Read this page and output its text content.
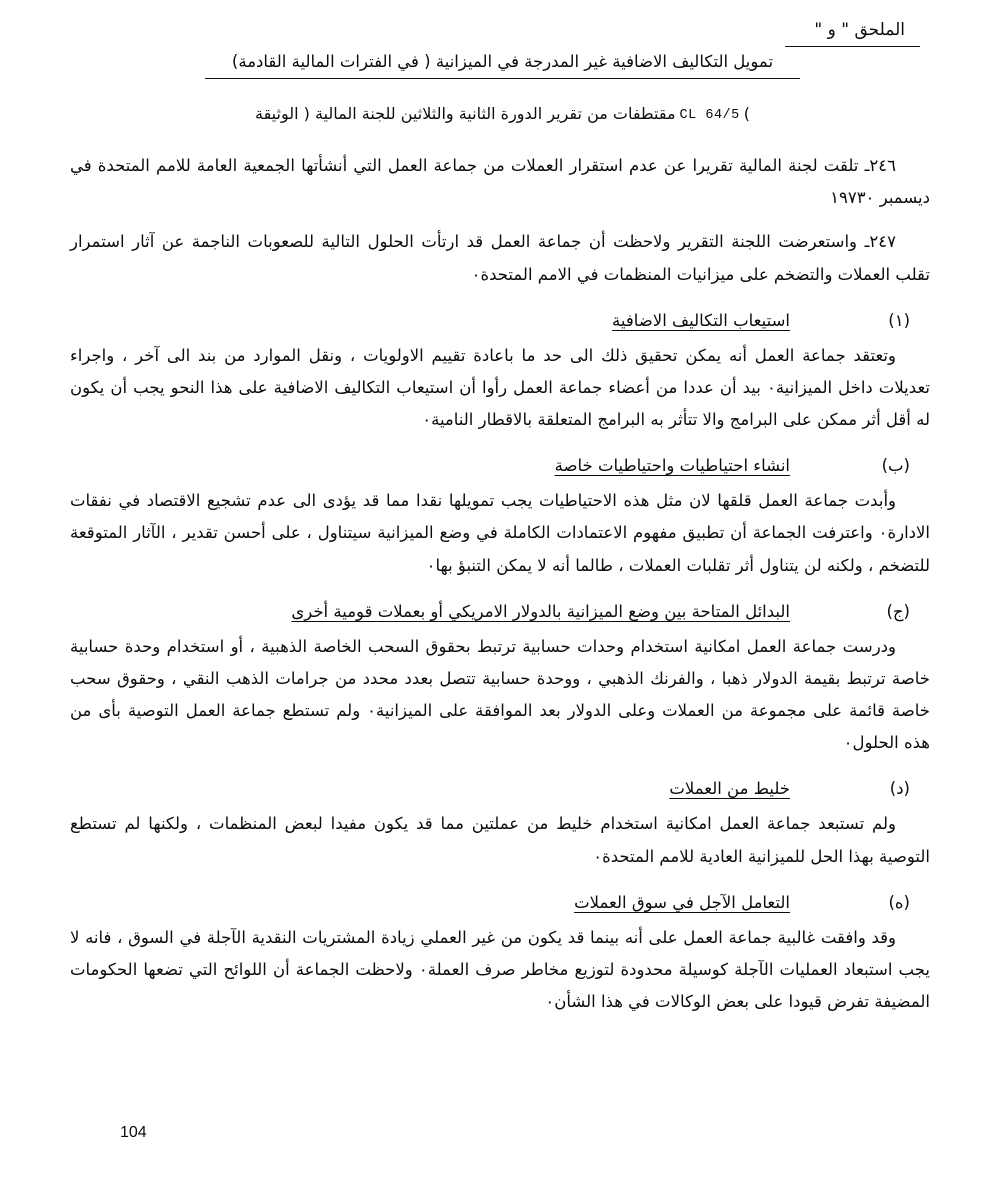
الملحق " و "
تمويل التكاليف الاضافية غير المدرجة في الميزانية ( في الفترات المالية القادمة)
)CL 64/5مقتطفات من تقرير الدورة الثانية والثلاثين للجنة المالية ( الوثيقة

٢٤٦ـ تلقت لجنة المالية تقريرا عن عدم استقرار العملات من جماعة العمل التي أنشأتها الجمعية العامة للامم المتحدة في ديسمبر ١٩٧٣٠

٢٤٧ـ واستعرضت اللجنة التقرير ولاحظت أن جماعة العمل قد ارتأت الحلول التالية للصعوبات الناجمة عن آثار استمرار تقلب العملات والتضخم على ميزانيات المنظمات في الامم المتحدة٠

(١)
استيعاب التكاليف الاضافية

وتعتقد جماعة العمل أنه يمكن تحقيق ذلك الى حد ما باعادة تقييم الاولويات ، ونقل الموارد من بند الى آخر ، واجراء تعديلات داخل الميزانية٠ بيد أن عددا من أعضاء جماعة العمل رأوا أن استيعاب التكاليف الاضافية على هذا النحو يجب أن يكون له أقل أثر ممكن على البرامج والا تتأثر به البرامج المتعلقة بالاقطار النامية٠

(ب)
انشاء احتياطيات واحتياطيات خاصة

وأبدت جماعة العمل قلقها لان مثل هذه الاحتياطيات يجب تمويلها نقدا مما قد يؤدى الى عدم تشجيع الاقتصاد في نفقات الادارة٠ واعترفت الجماعة أن تطبيق مفهوم الاعتمادات الكاملة في وضع الميزانية سيتناول ، على أحسن تقدير ، الآثار المتوقعة للتضخم ، ولكنه لن يتناول أثر تقلبات العملات ، طالما أنه لا يمكن التنبؤ بها٠

(ج)
البدائل المتاحة بين وضع الميزانية بالدولار الامريكي أو بعملات قومية أخرى

ودرست جماعة العمل امكانية استخدام وحدات حسابية ترتبط بحقوق السحب الخاصة الذهبية ، أو استخدام وحدة حسابية خاصة ترتبط بقيمة الدولار ذهبا ، والفرنك الذهبي ، ووحدة حسابية تتصل بعدد محدد من جرامات الذهب النقي ، وحقوق سحب خاصة قائمة على مجموعة من العملات وعلى الدولار بعد الموافقة على الميزانية٠ ولم تستطع جماعة العمل التوصية بأى من هذه الحلول٠

(د)
خليط من العملات

ولم تستبعد جماعة العمل امكانية استخدام خليط من عملتين مما قد يكون مفيدا لبعض المنظمات ، ولكنها لم تستطع التوصية بهذا الحل للميزانية العادية للامم المتحدة٠

(ه)
التعامل الآجل في سوق العملات

وقد وافقت غالبية جماعة العمل على أنه بينما قد يكون من غير العملي زيادة المشتريات النقدية الآجلة في السوق ، فانه لا يجب استبعاد العمليات الآجلة كوسيلة محدودة لتوزيع مخاطر صرف العملة٠ ولاحظت الجماعة أن اللوائح التي تضعها الحكومات المضيفة تفرض قيودا على بعض الوكالات في هذا الشأن٠

104
